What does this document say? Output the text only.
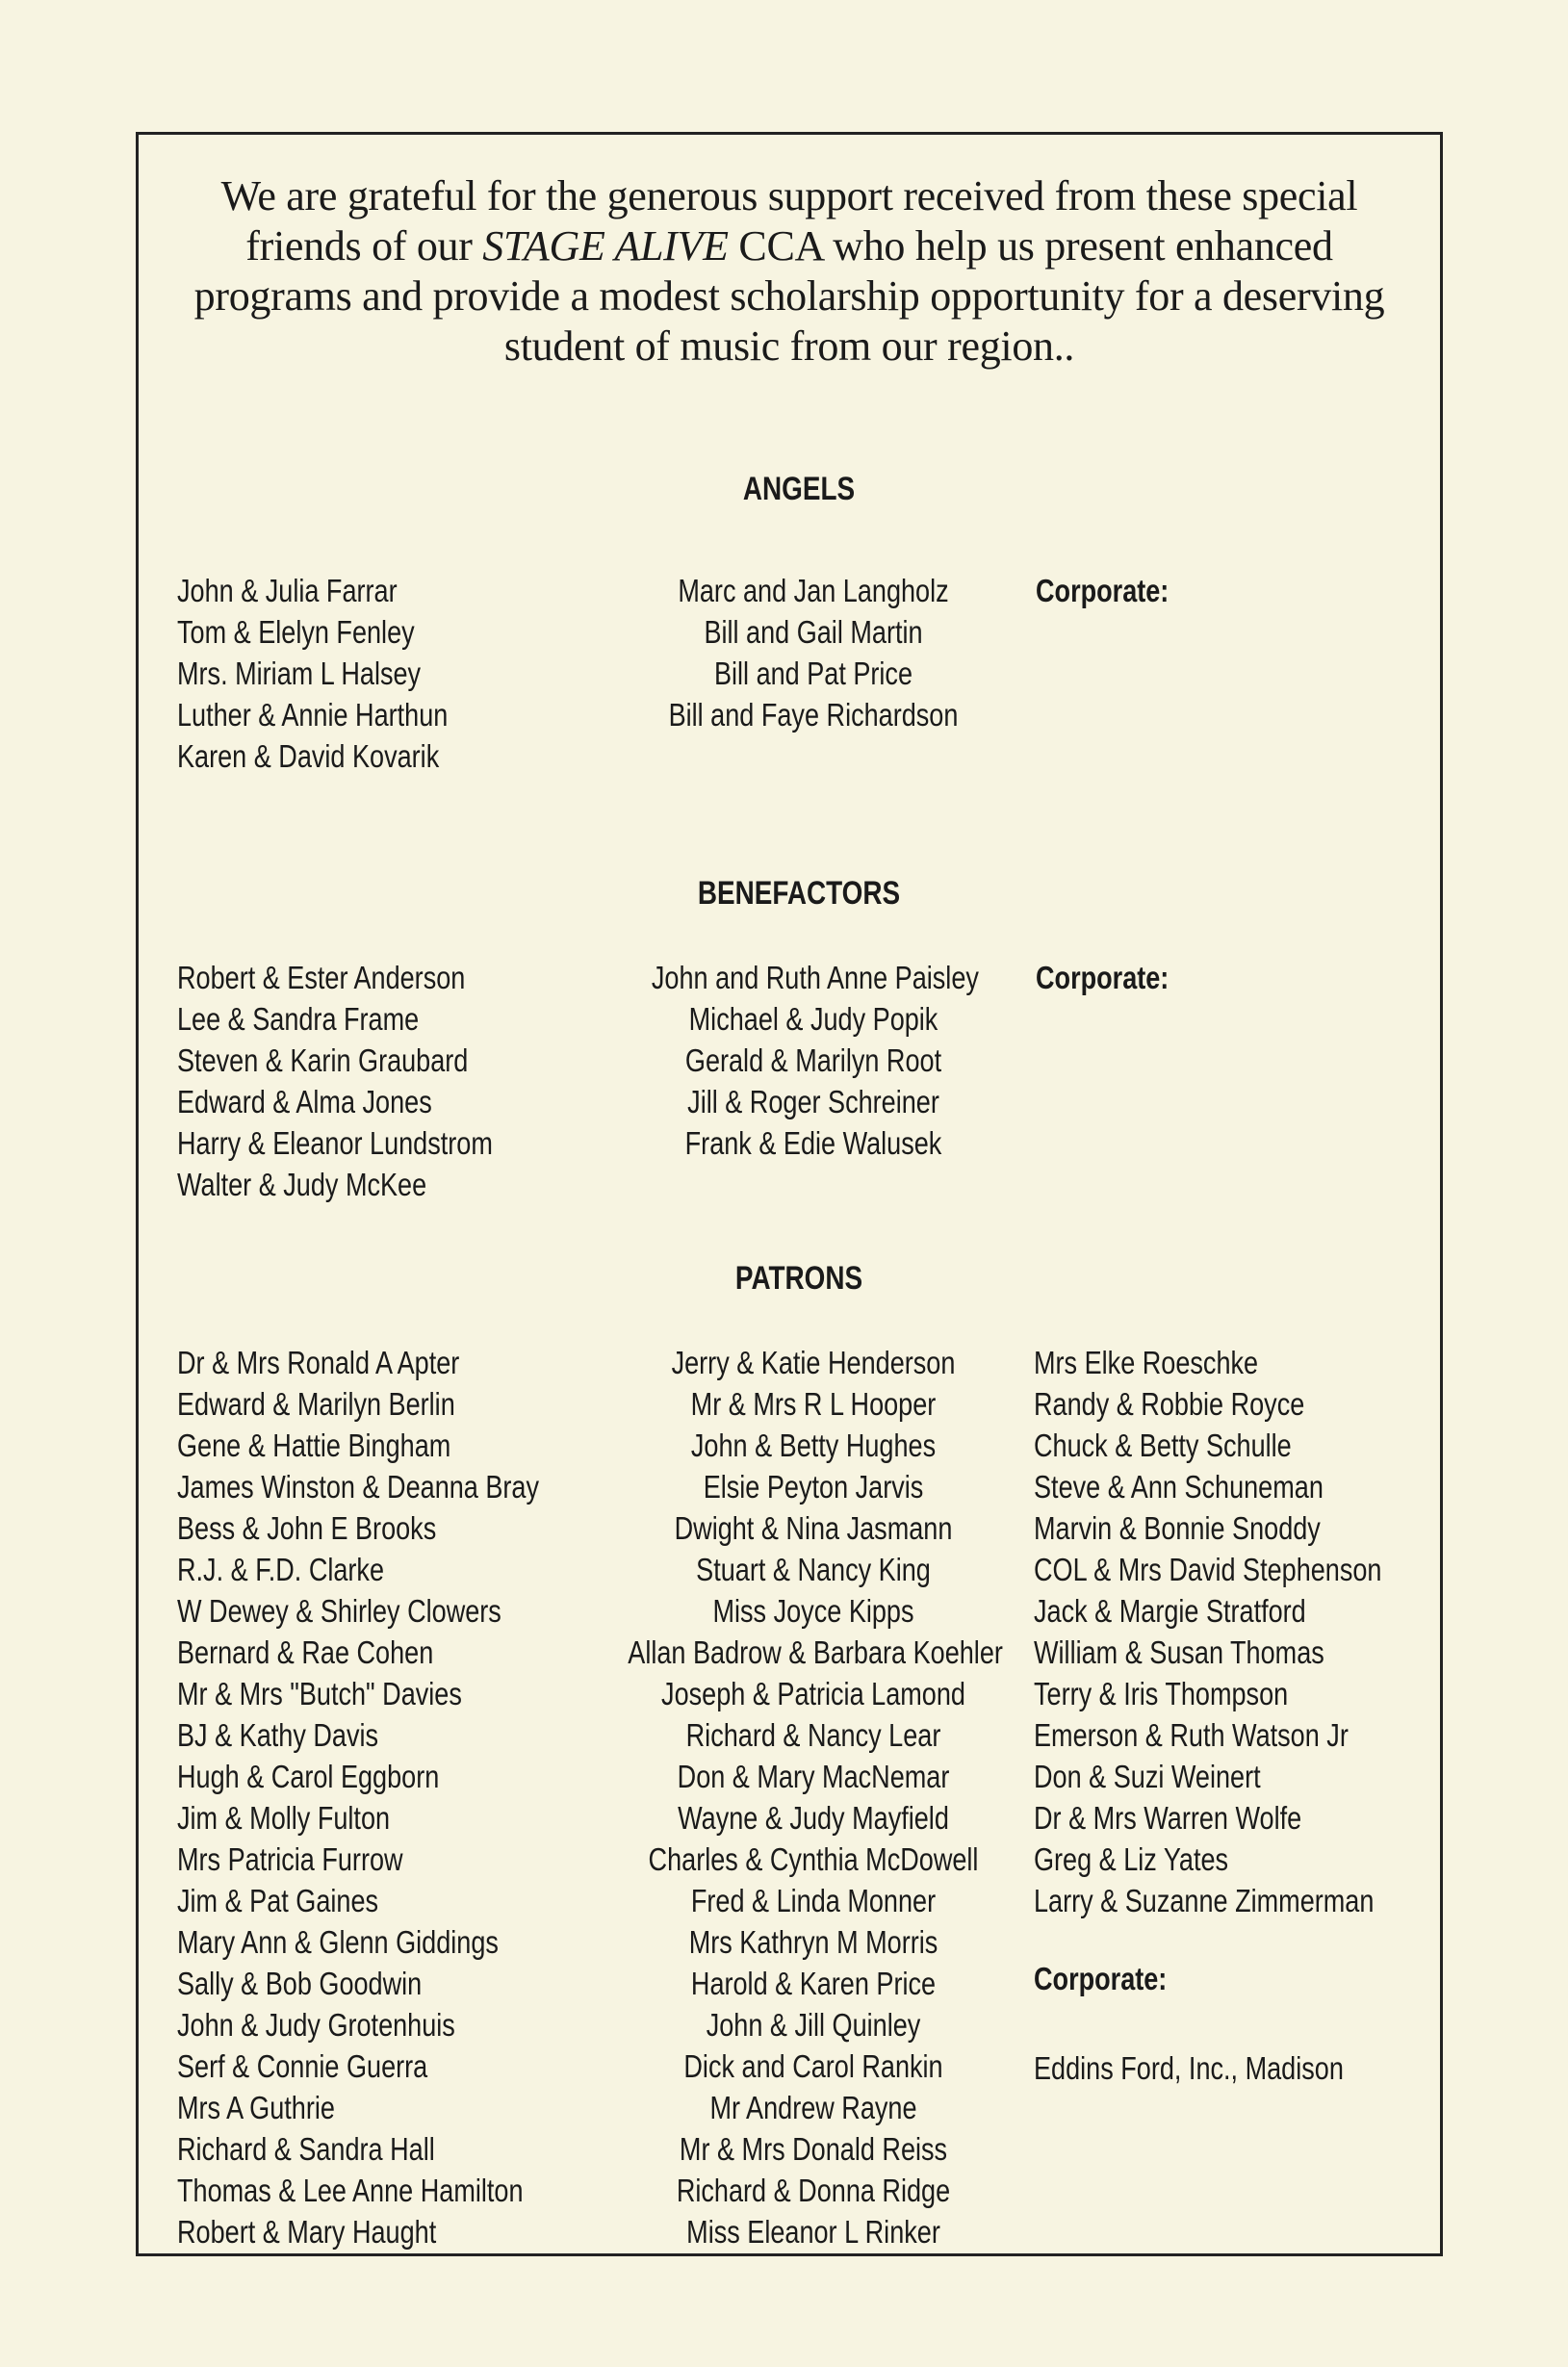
We are grateful for the generous support received from these special friends of our STAGE ALIVE CCA who help us present enhanced programs and provide a modest scholarship opportunity for a deserving student of music from our region..

ANGELS
John & Julia Farrar
Tom & Elelyn Fenley
Mrs. Miriam L Halsey
Luther & Annie Harthun
Karen & David Kovarik
Marc and Jan Langholz
Bill and Gail Martin
Bill and Pat Price
Bill and Faye Richardson
Corporate:
BENEFACTORS
Robert & Ester Anderson
Lee & Sandra Frame
Steven & Karin Graubard
Edward & Alma Jones
Harry & Eleanor Lundstrom
Walter & Judy McKee
John and Ruth Anne Paisley
Michael & Judy Popik
Gerald & Marilyn Root
Jill & Roger Schreiner
Frank & Edie Walusek
Corporate:
PATRONS
Dr & Mrs Ronald A Apter
Edward & Marilyn Berlin
Gene & Hattie Bingham
James Winston & Deanna Bray
Bess & John E Brooks
R.J. & F.D. Clarke
W Dewey & Shirley Clowers
Bernard & Rae Cohen
Mr & Mrs "Butch" Davies
BJ & Kathy Davis
Hugh & Carol Eggborn
Jim & Molly Fulton
Mrs Patricia Furrow
Jim & Pat Gaines
Mary Ann & Glenn Giddings
Sally & Bob Goodwin
John & Judy Grotenhuis
Serf & Connie Guerra
Mrs A Guthrie
Richard & Sandra Hall
Thomas & Lee Anne Hamilton
Robert & Mary Haught
Jerry & Katie Henderson
Mr & Mrs R L Hooper
John & Betty Hughes
Elsie Peyton Jarvis
Dwight & Nina Jasmann
Stuart & Nancy King
Miss Joyce Kipps
Allan Badrow & Barbara Koehler
Joseph & Patricia Lamond
Richard & Nancy Lear
Don & Mary MacNemar
Wayne & Judy Mayfield
Charles & Cynthia McDowell
Fred & Linda Monner
Mrs Kathryn M Morris
Harold & Karen Price
John & Jill Quinley
Dick and Carol Rankin
Mr Andrew Rayne
Mr & Mrs Donald Reiss
Richard & Donna Ridge
Miss Eleanor L Rinker
Mrs Elke Roeschke
Randy & Robbie Royce
Chuck & Betty Schulle
Steve & Ann Schuneman
Marvin & Bonnie Snoddy
COL & Mrs David Stephenson
Jack & Margie Stratford
William & Susan Thomas
Terry & Iris Thompson
Emerson & Ruth Watson Jr
Don & Suzi Weinert
Dr & Mrs Warren Wolfe
Greg & Liz Yates
Larry & Suzanne Zimmerman
Corporate:
Eddins Ford, Inc., Madison
